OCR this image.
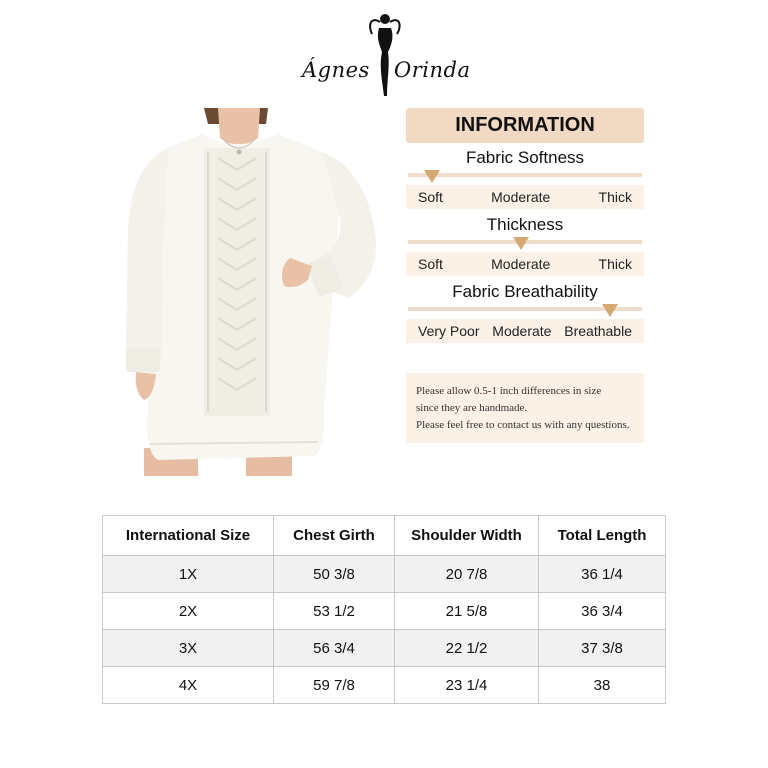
Ágnes Orinda
INFORMATION
Fabric Softness
Soft	Moderate	Thick
Thickness
Soft	Moderate	Thick
Fabric Breathability
Very Poor Moderate Breathable
Please allow 0.5-1 inch differences in size
since they are handmade.
Please feel free to contact us with any questions.
International Size	Chest Girth	Shoulder Width	Total Length
1X	50 3/8	20 7/8	36 1/4
2X	53 1/2	21 5/8	36 3/4
3X	56 3/4	22 1/2	37 3/8
4X	59 7/8	23 1/4	38
